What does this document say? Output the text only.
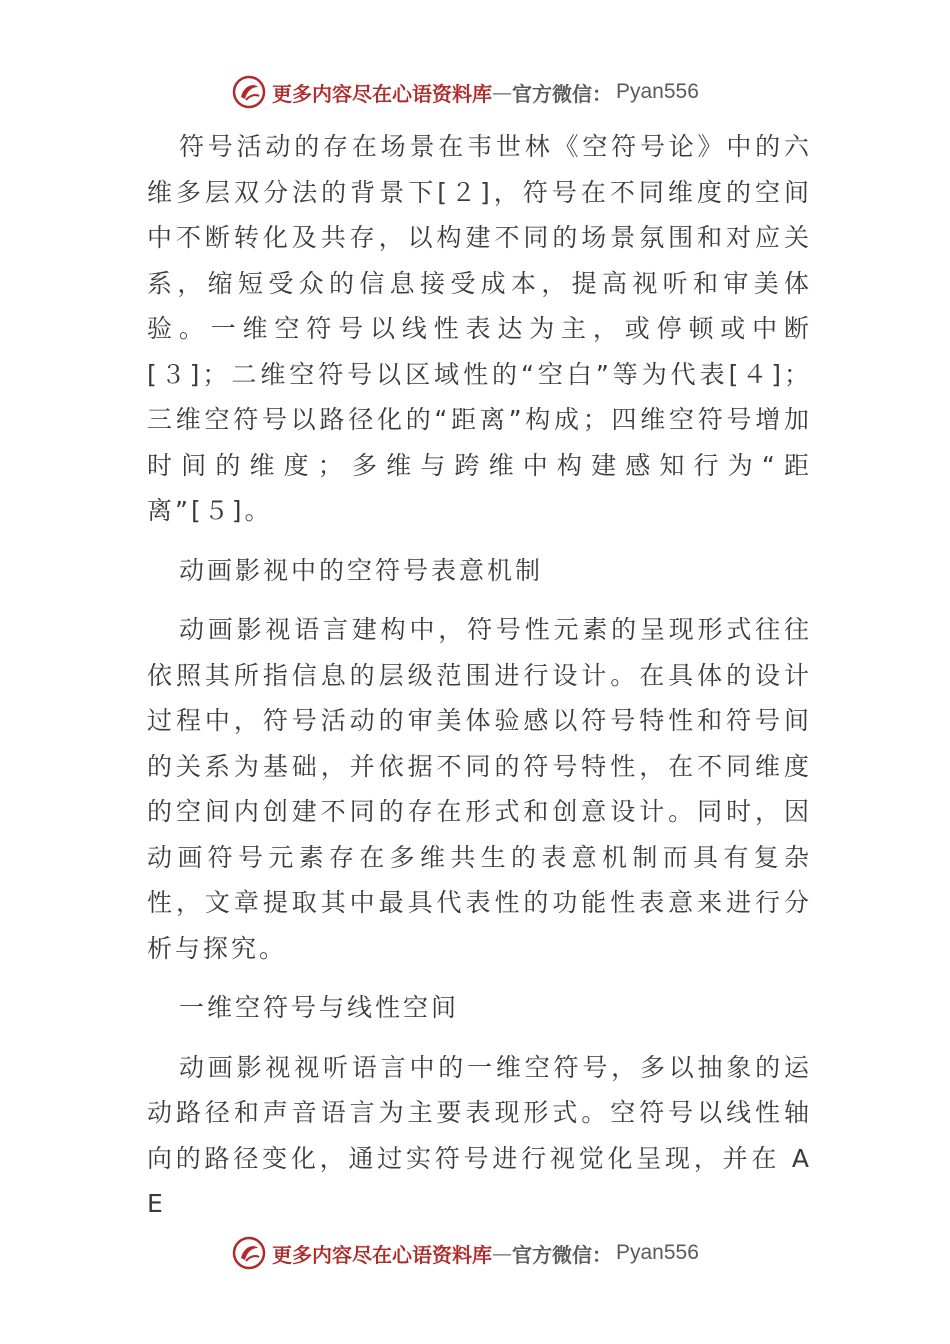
更多内容尽在心语资料库 — 官方微信： Pyan556

符号活动的存在场景在韦世林《空符号论》中的六维多层双分法的背景下[２]，符号在不同维度的空间中不断转化及共存，以构建不同的场景氛围和对应关系，缩短受众的信息接受成本，提高视听和审美体验。一维空符号以线性表达为主，或停顿或中断[３]；二维空符号以区域性的“空白”等为代表[４]；三维空符号以路径化的“距离”构成；四维空符号增加时间的维度；多维与跨维中构建感知行为“距离”[５]。

动画影视中的空符号表意机制

动画影视语言建构中，符号性元素的呈现形式往往依照其所指信息的层级范围进行设计。在具体的设计过程中，符号活动的审美体验感以符号特性和符号间的关系为基础，并依据不同的符号特性，在不同维度的空间内创建不同的存在形式和创意设计。同时，因动画符号元素存在多维共生的表意机制而具有复杂性，文章提取其中最具代表性的功能性表意来进行分析与探究。

一维空符号与线性空间

动画影视视听语言中的一维空符号，多以抽象的运动路径和声音语言为主要表现形式。空符号以线性轴向的路径变化，通过实符号进行视觉化呈现，并在 AE

更多内容尽在心语资料库 — 官方微信： Pyan556
